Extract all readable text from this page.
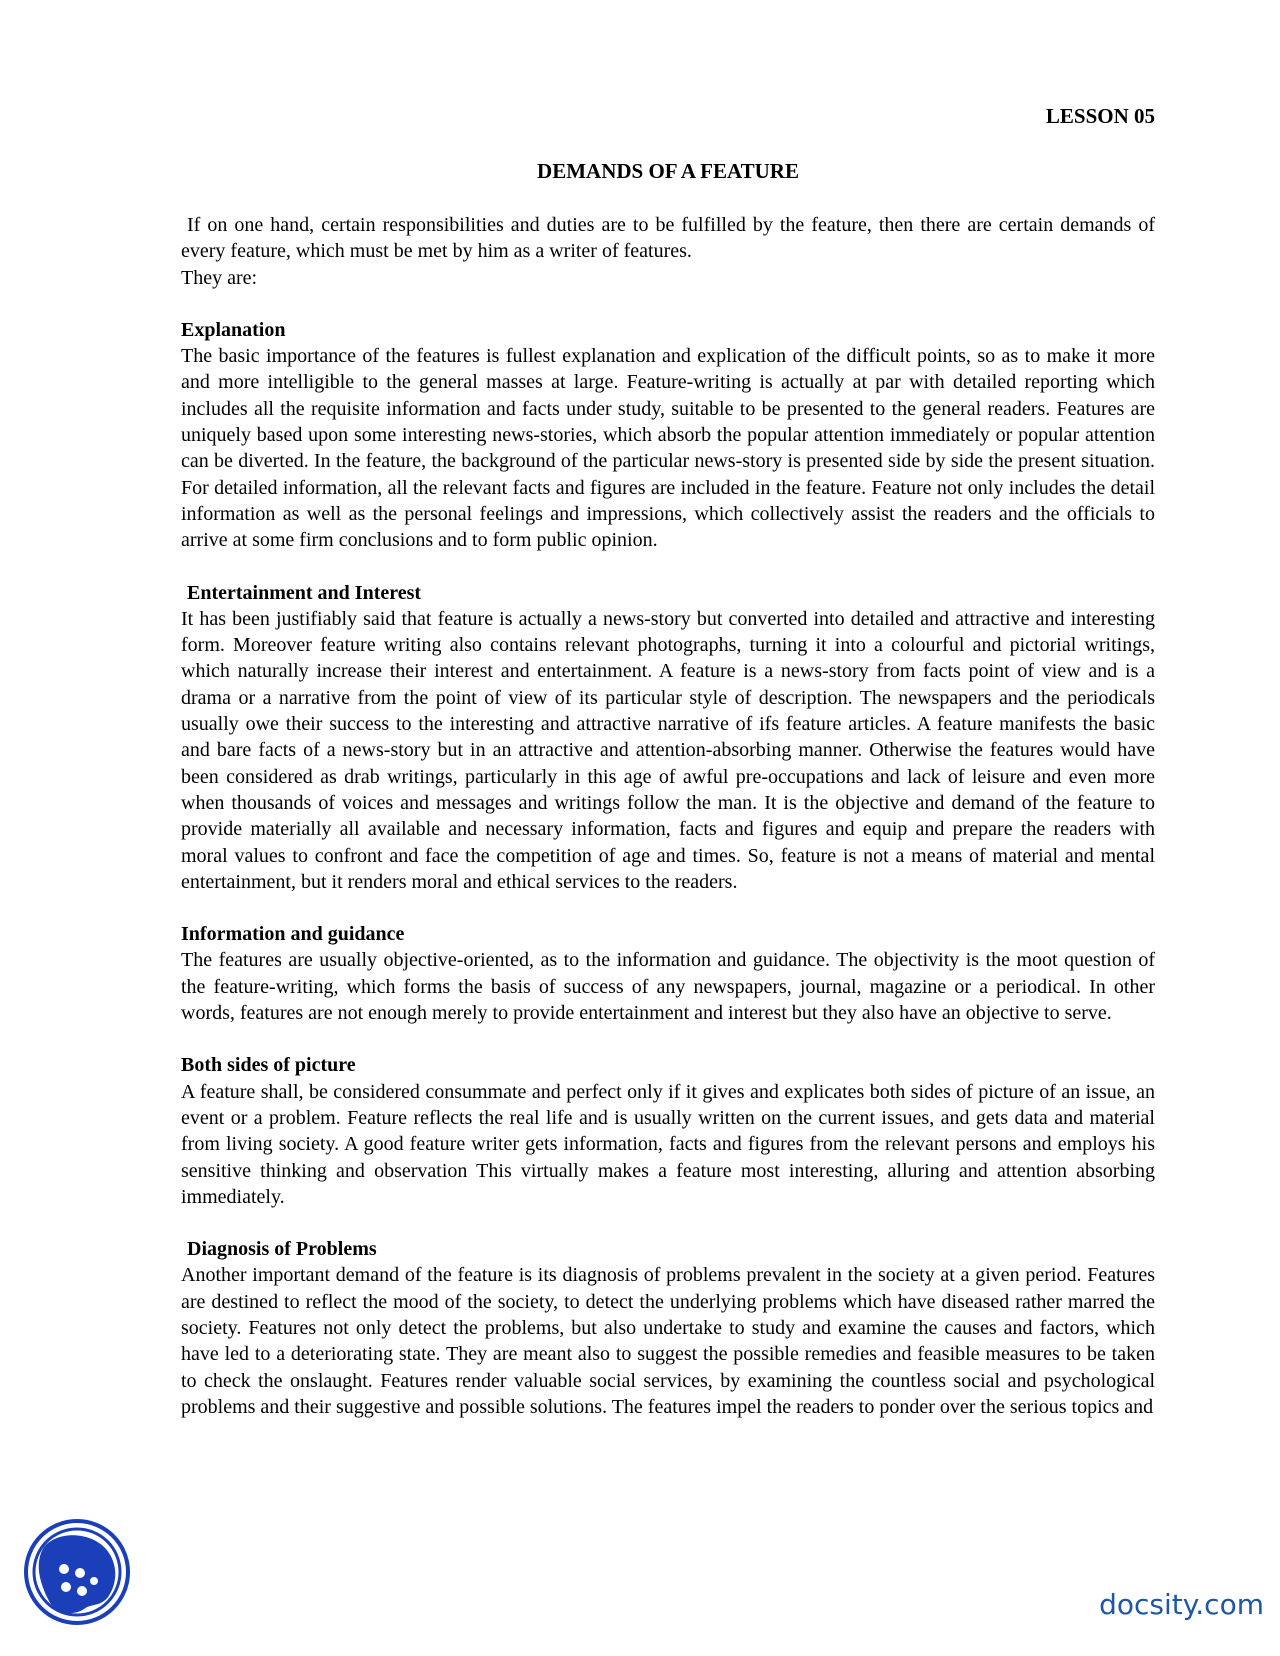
LESSON 05
DEMANDS OF A FEATURE

If on one hand, certain responsibilities and duties are to be fulfilled by the feature, then there are certain demands of every feature, which must be met by him as a writer of features.

They are:

Explanation

The basic importance of the features is fullest explanation and explication of the difficult points, so as to make it more and more intelligible to the general masses at large. Feature-writing is actually at par with detailed reporting which includes all the requisite information and facts under study, suitable to be presented to the general readers. Features are uniquely based upon some interesting news-stories, which absorb the popular attention immediately or popular attention can be diverted. In the feature, the background of the particular news-story is presented side by side the present situation. For detailed information, all the relevant facts and figures are included in the feature. Feature not only includes the detail information as well as the personal feelings and impressions, which collectively assist the readers and the officials to arrive at some firm conclusions and to form public opinion.

Entertainment and Interest

It has been justifiably said that feature is actually a news-story but converted into detailed and attractive and interesting form. Moreover feature writing also contains relevant photographs, turning it into a colourful and pictorial writings, which naturally increase their interest and entertainment. A feature is a news-story from facts point of view and is a drama or a narrative from the point of view of its particular style of description. The newspapers and the periodicals usually owe their success to the interesting and attractive narrative of ifs feature articles. A feature manifests the basic and bare facts of a news-story but in an attractive and attention-absorbing manner. Otherwise the features would have been considered as drab writings, particularly in this age of awful pre-occupations and lack of leisure and even more when thousands of voices and messages and writings follow the man. It is the objective and demand of the feature to provide materially all available and necessary information, facts and figures and equip and prepare the readers with moral values to confront and face the competition of age and times. So, feature is not a means of material and mental entertainment, but it renders moral and ethical services to the readers.

Information and guidance

The features are usually objective-oriented, as to the information and guidance. The objectivity is the moot question of the feature-writing, which forms the basis of success of any newspapers, journal, magazine or a periodical. In other words, features are not enough merely to provide entertainment and interest but they also have an objective to serve.

Both sides of picture

A feature shall, be considered consummate and perfect only if it gives and explicates both sides of picture of an issue, an event or a problem. Feature reflects the real life and is usually written on the current issues, and gets data and material from living society. A good feature writer gets information, facts and figures from the relevant persons and employs his sensitive thinking and observation This virtually makes a feature most interesting, alluring and attention absorbing immediately.

Diagnosis of Problems

Another important demand of the feature is its diagnosis of problems prevalent in the society at a given period. Features are destined to reflect the mood of the society, to detect the underlying problems which have diseased rather marred the society. Features not only detect the problems, but also undertake to study and examine the causes and factors, which have led to a deteriorating state. They are meant also to suggest the possible remedies and feasible measures to be taken to check the onslaught. Features render valuable social services, by examining the countless social and psychological problems and their suggestive and possible solutions. The features impel the readers to ponder over the serious topics and

docsity.com
